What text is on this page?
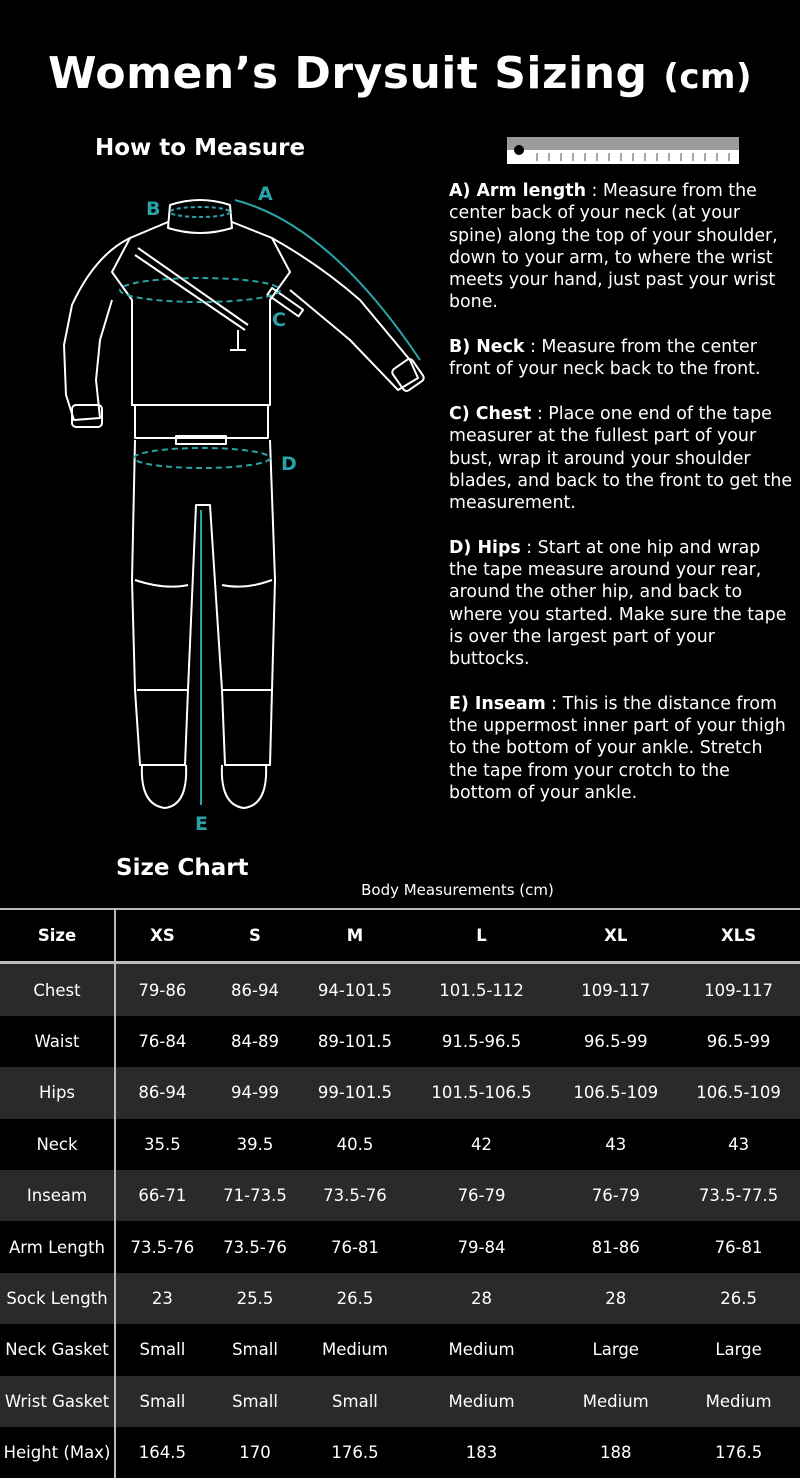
Women’s Drysuit Sizing (cm)
How to Measure
A
B
C
D
E

A) Arm length : Measure from the center back of your neck (at your spine) along the top of your shoulder, down to your arm, to where the wrist meets your hand, just past your wrist bone.

B) Neck : Measure from the center front of your neck back to the front.

C) Chest : Place one end of the tape measurer at the fullest part of your bust, wrap it around your shoulder blades, and back to the front to get the measurement.

D) Hips : Start at one hip and wrap the tape measure around your rear, around the other hip, and back to where you started. Make sure the tape is over the largest part of your buttocks.

E) Inseam : This is the distance from the uppermost inner part of your thigh to the bottom of your ankle. Stretch the tape from your crotch to the bottom of your ankle.

Size Chart
Body Measurements (cm)
Size	XS	S	M	L	XL	XLS
Chest	79-86	86-94	94-101.5	101.5-112	109-117	109-117
Waist	76-84	84-89	89-101.5	91.5-96.5	96.5-99	96.5-99
Hips	86-94	94-99	99-101.5	101.5-106.5	106.5-109	106.5-109
Neck	35.5	39.5	40.5	42	43	43
Inseam	66-71	71-73.5	73.5-76	76-79	76-79	73.5-77.5
Arm Length	73.5-76	73.5-76	76-81	79-84	81-86	76-81
Sock Length	23	25.5	26.5	28	28	26.5
Neck Gasket	Small	Small	Medium	Medium	Large	Large
Wrist Gasket	Small	Small	Small	Medium	Medium	Medium
Height (Max)	164.5	170	176.5	183	188	176.5
